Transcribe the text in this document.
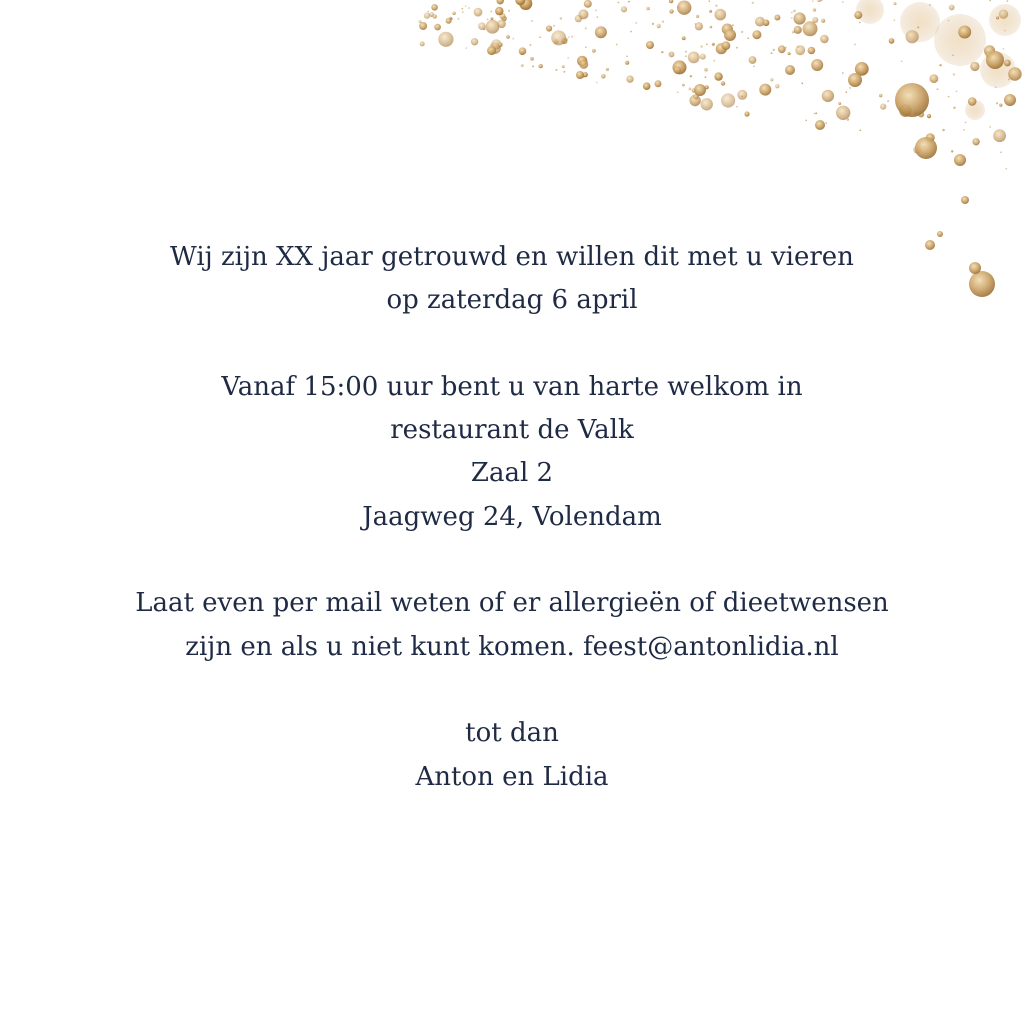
Wij zijn XX jaar getrouwd en willen dit met u vieren
op zaterdag 6 april
Vanaf 15:00 uur bent u van harte welkom in
restaurant de Valk
Zaal 2
Jaagweg 24, Volendam
Laat even per mail weten of er allergieën of dieetwensen
zijn en als u niet kunt komen. feest@antonlidia.nl
tot dan
Anton en Lidia
